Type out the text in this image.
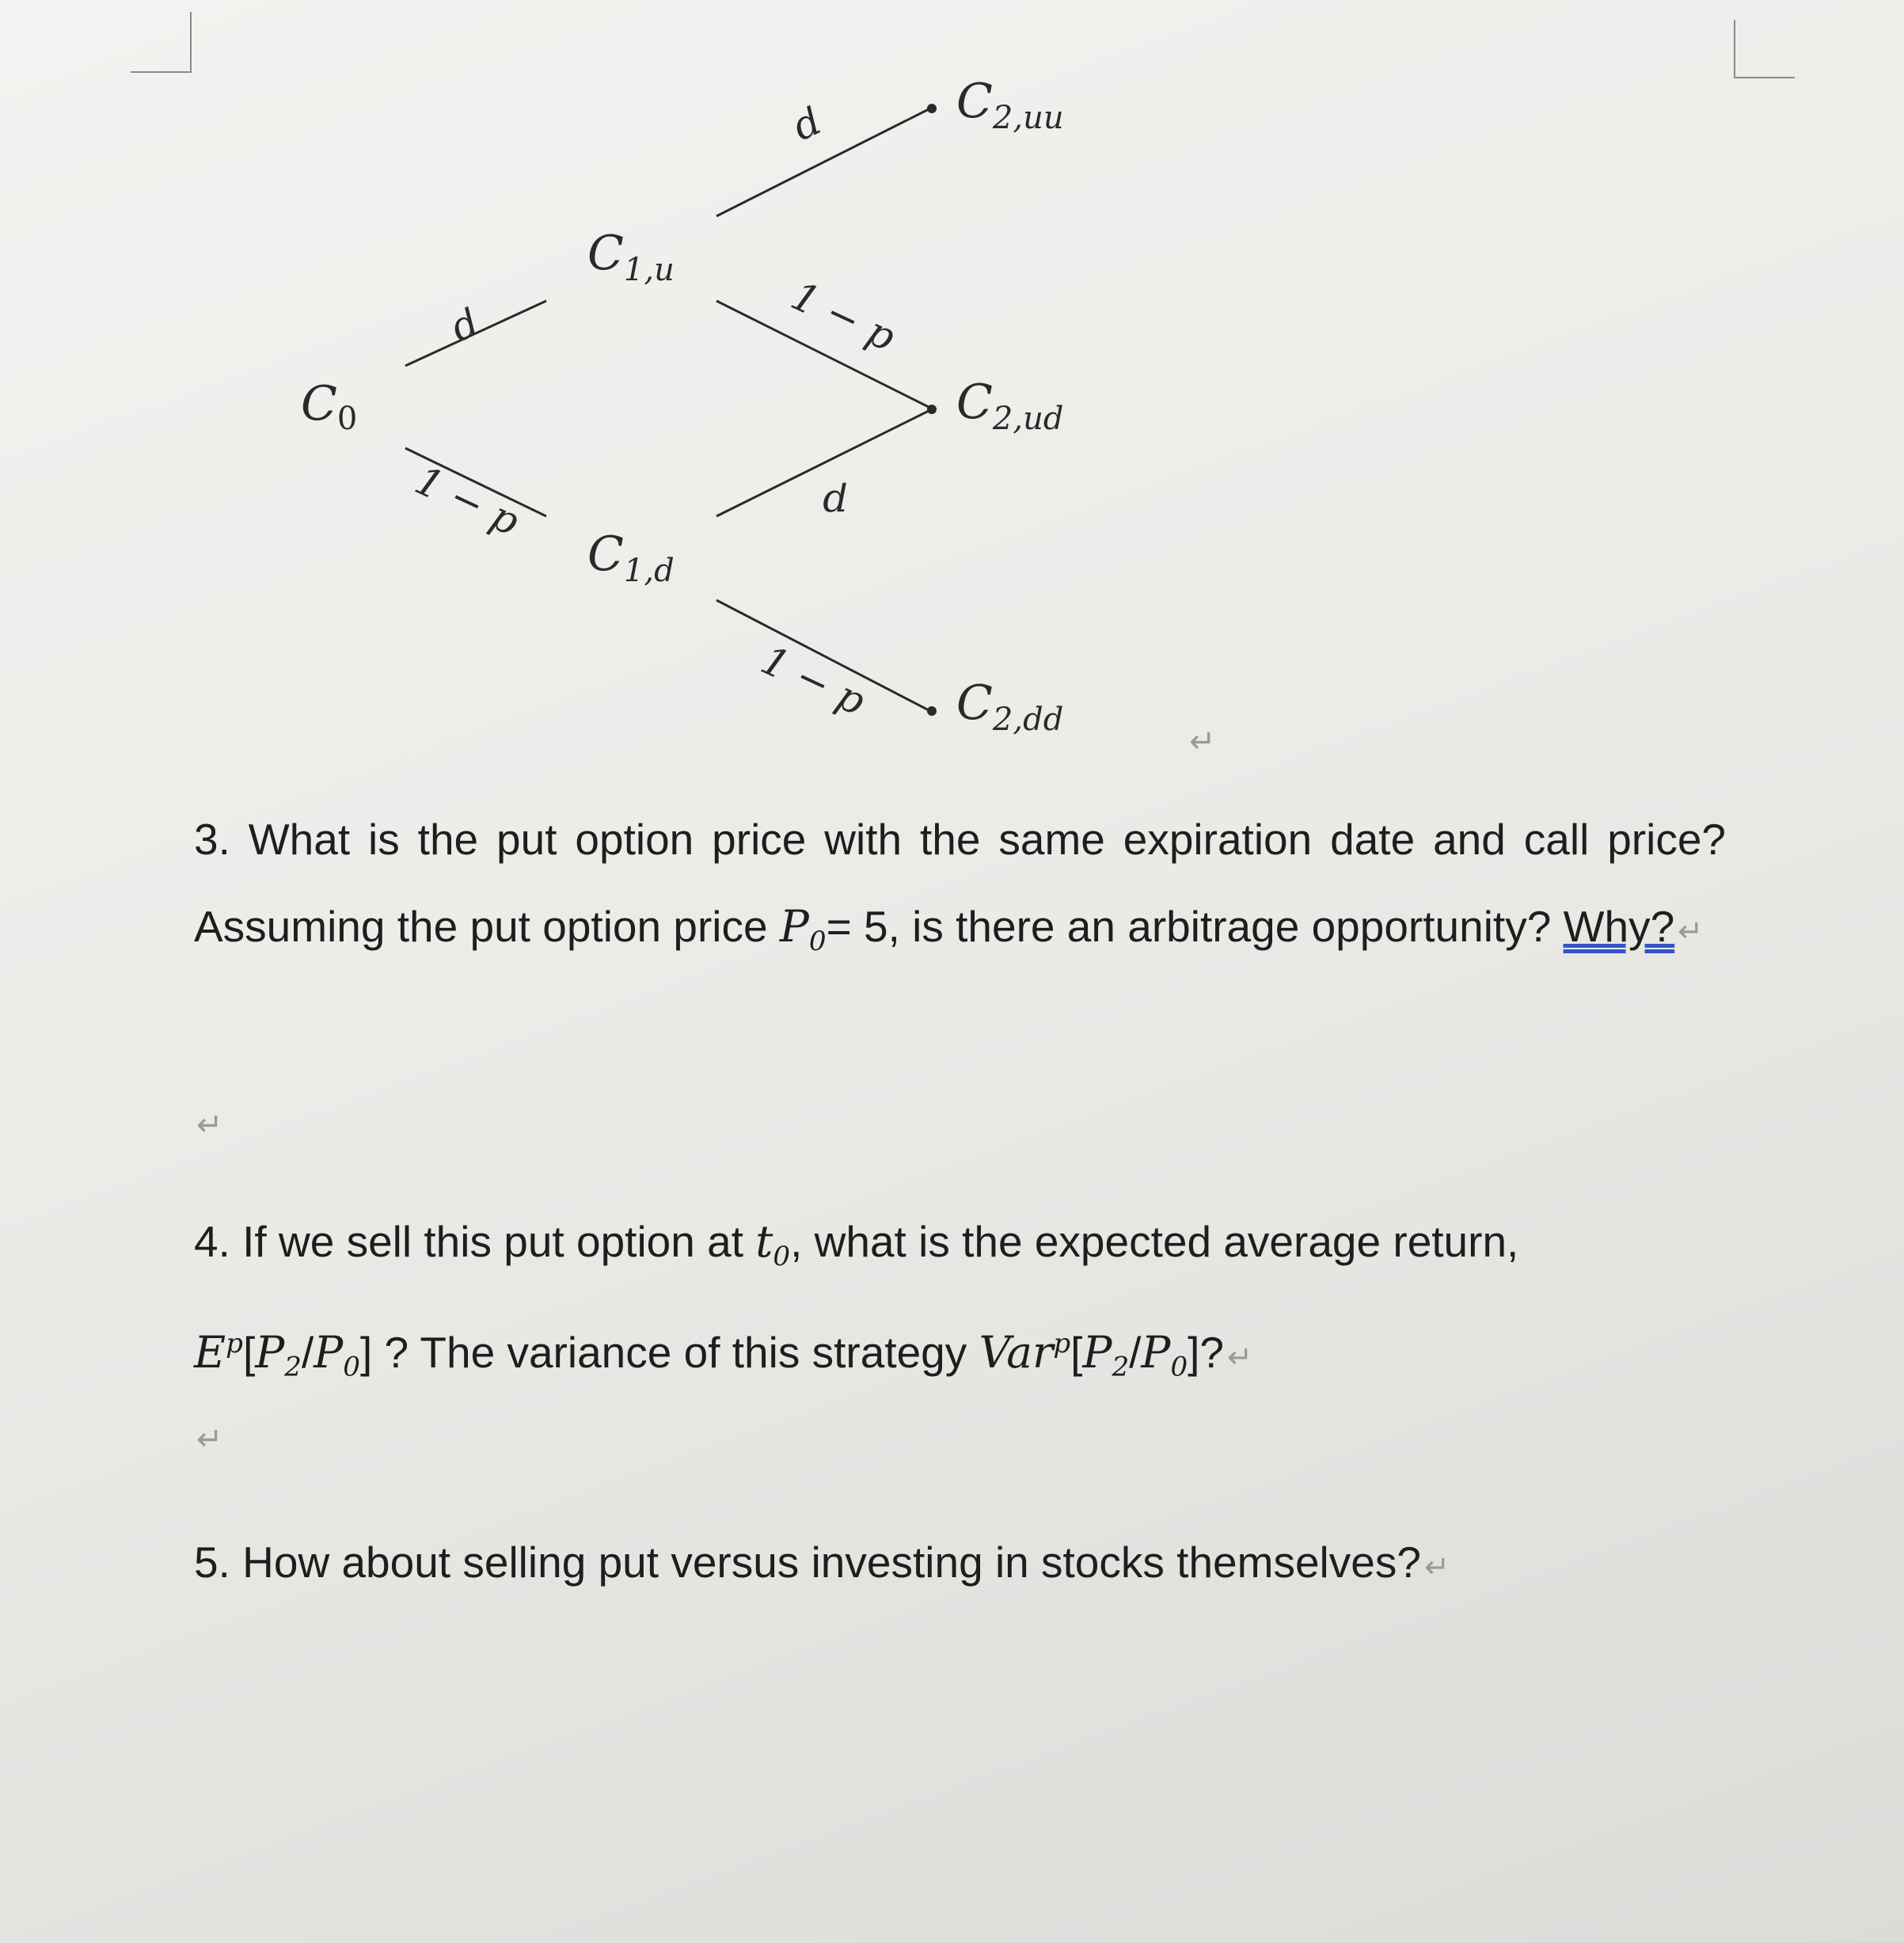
$C_0$
$C_{1,u}$
$C_{1,d}$
$C_{2,uu}$
$C_{2,ud}$
$C_{2,dd}$
p
1 − p
p
1 − p
p
1 − p
↵

3. What is the put option price with the same expiration date and call price? Assuming the put option price $P_0= 5$, is there an arbitrage opportunity? Why? ↵

↵

4. If we sell this put option at $t_0$, what is the expected average return,
$E^p[P_2/P_0]$ ? The variance of this strategy $Var^p[P_2/P_0]$? ↵

↵

5. How about selling put versus investing in stocks themselves? ↵
